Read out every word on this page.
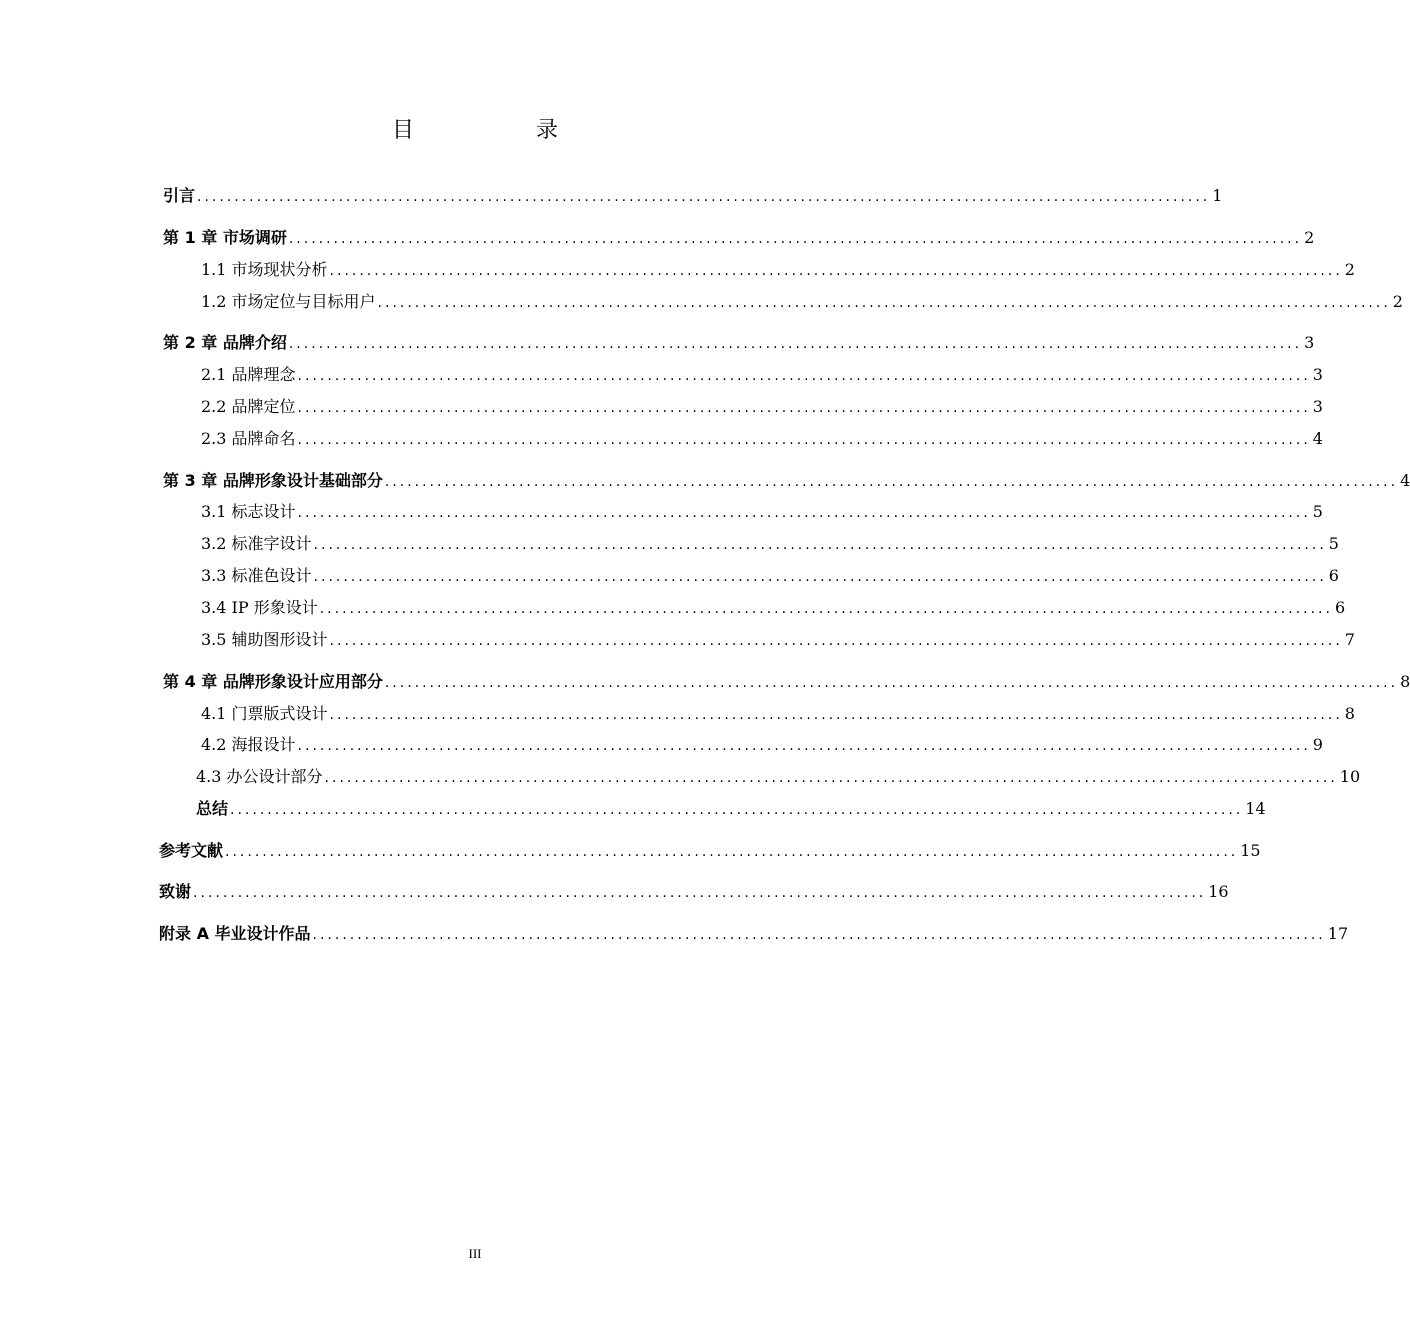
目　录
引言 ........................................................................................................................................ 1
第 1 章 市场调研 ........................................................................................................................................ 2
1.1 市场现状分析 ........................................................................................................................................ 2
1.2 市场定位与目标用户 ........................................................................................................................................ 2
第 2 章 品牌介绍 ........................................................................................................................................ 3
2.1 品牌理念 ........................................................................................................................................ 3
2.2 品牌定位 ........................................................................................................................................ 3
2.3 品牌命名 ........................................................................................................................................ 4
第 3 章 品牌形象设计基础部分 ........................................................................................................................................ 4
3.1 标志设计 ........................................................................................................................................ 5
3.2 标准字设计 ........................................................................................................................................ 5
3.3 标准色设计 ........................................................................................................................................ 6
3.4 IP 形象设计 ........................................................................................................................................ 6
3.5 辅助图形设计 ........................................................................................................................................ 7
第 4 章 品牌形象设计应用部分 ........................................................................................................................................ 8
4.1 门票版式设计 ........................................................................................................................................ 8
4.2 海报设计 ........................................................................................................................................ 9
4.3 办公设计部分 ........................................................................................................................................ 10
总结 ........................................................................................................................................ 14
参考文献 ........................................................................................................................................ 15
致谢 ........................................................................................................................................ 16
附录 A 毕业设计作品 ........................................................................................................................................ 17
III
